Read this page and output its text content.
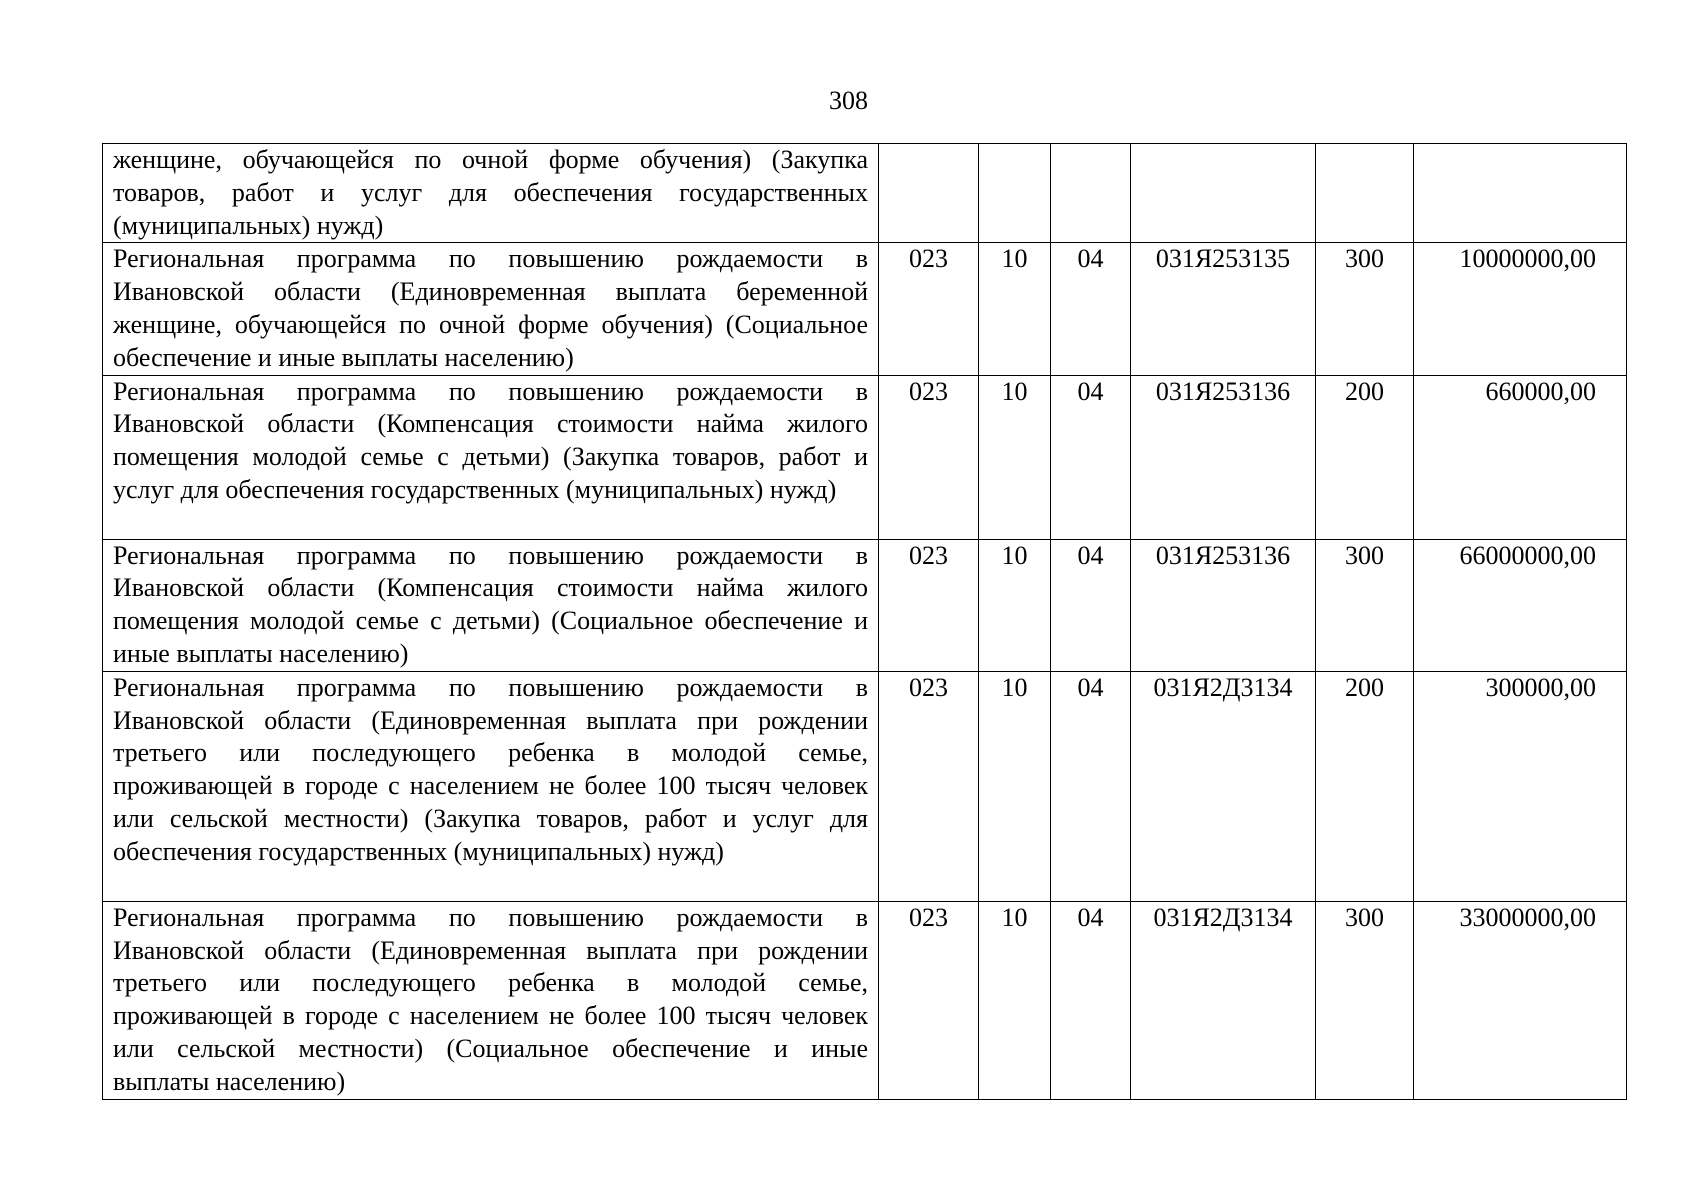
308
женщине, обучающейся по очной форме обучения) (Закупка товаров, работ и услуг для обеспечения государственных (муниципальных) нужд)						
Региональная программа по повышению рождаемости в Ивановской области (Единовременная выплата беременной женщине, обучающейся по очной форме обучения) (Социальное обеспечение и иные выплаты населению)	023	10	04	031Я253135	300	10000000,00
Региональная программа по повышению рождаемости в Ивановской области (Компенсация стоимости найма жилого помещения молодой семье с детьми) (Закупка товаров, работ и услуг для обеспечения государственных (муниципальных) нужд)	023	10	04	031Я253136	200	660000,00
Региональная программа по повышению рождаемости в Ивановской области (Компенсация стоимости найма жилого помещения молодой семье с детьми) (Социальное обеспечение и иные выплаты населению)	023	10	04	031Я253136	300	66000000,00
Региональная программа по повышению рождаемости в Ивановской области (Единовременная выплата при рождении третьего или последующего ребенка в молодой семье, проживающей в городе с населением не более 100 тысяч человек или сельской местности) (Закупка товаров, работ и услуг для обеспечения государственных (муниципальных) нужд)	023	10	04	031Я2Д3134	200	300000,00
Региональная программа по повышению рождаемости в Ивановской области (Единовременная выплата при рождении третьего или последующего ребенка в молодой семье, проживающей в городе с населением не более 100 тысяч человек или сельской местности) (Социальное обеспечение и иные выплаты населению)	023	10	04	031Я2Д3134	300	33000000,00
